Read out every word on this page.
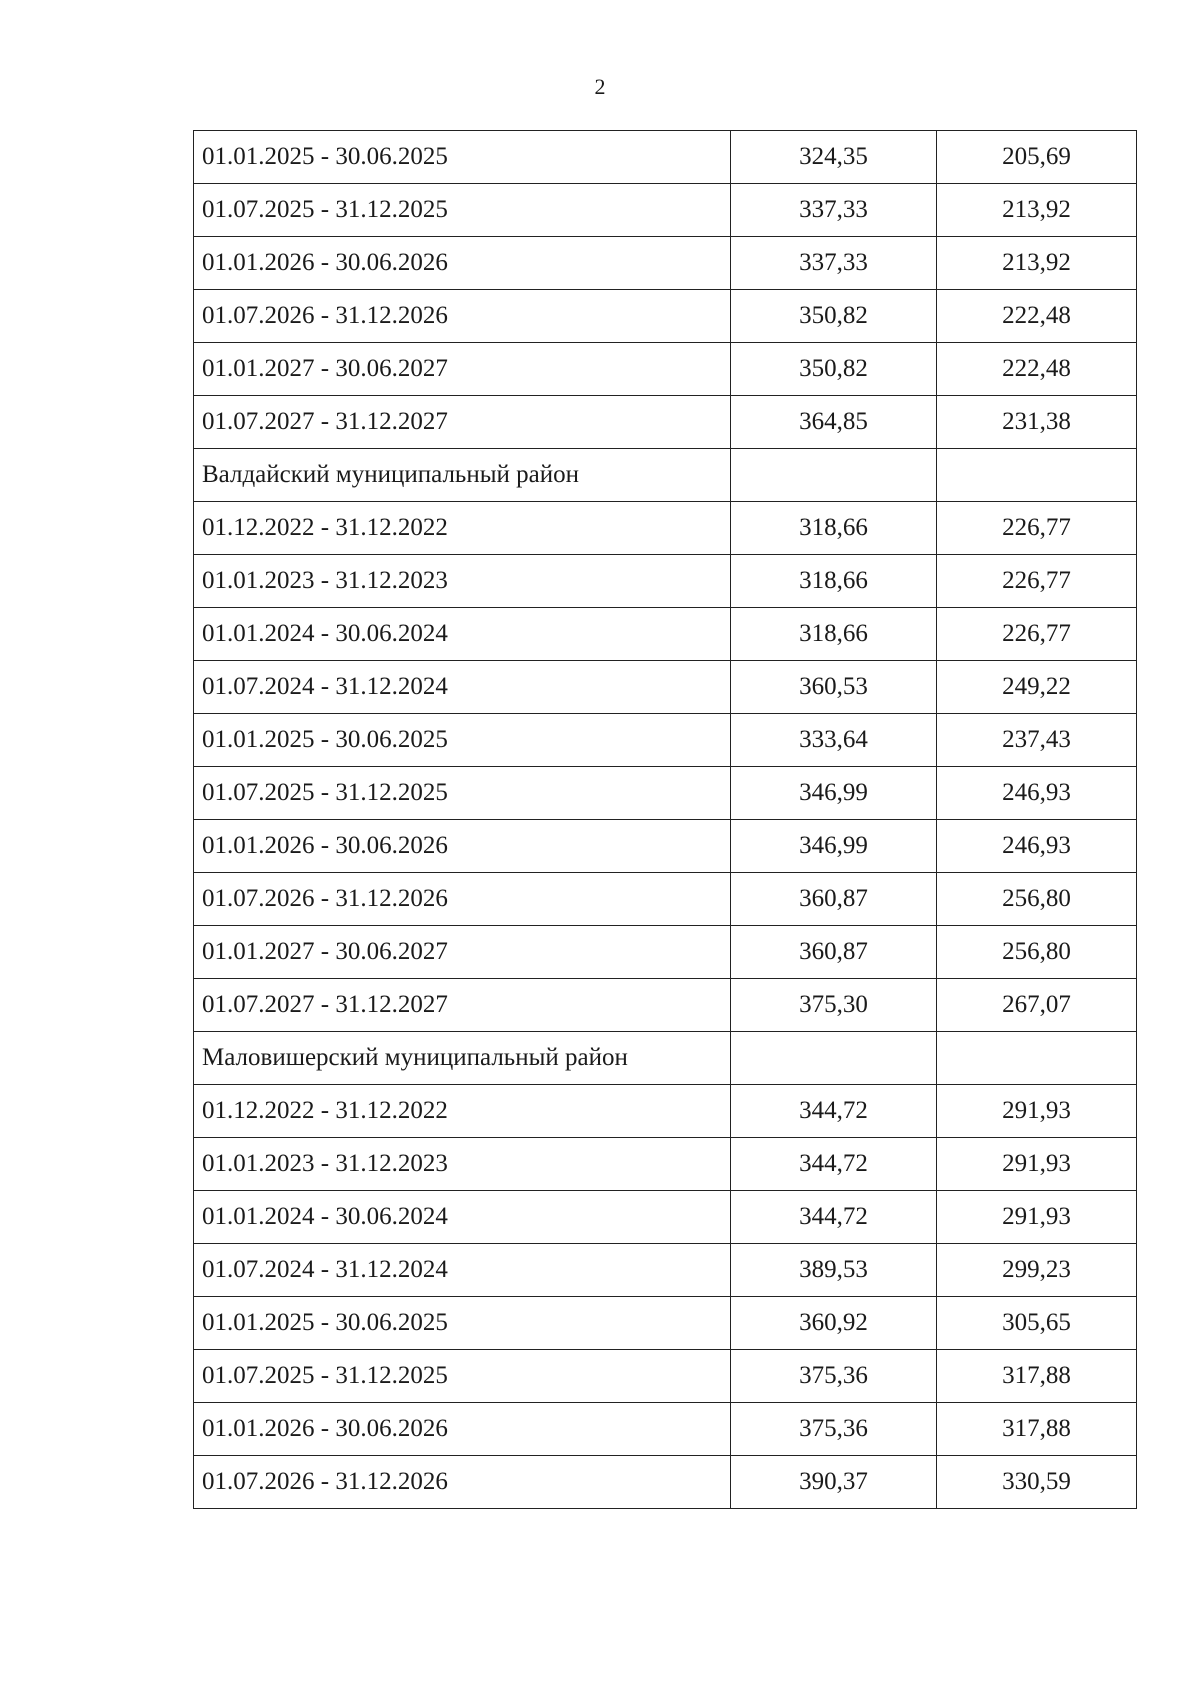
2
01.01.2025 - 30.06.2025	324,35	205,69
01.07.2025 - 31.12.2025	337,33	213,92
01.01.2026 - 30.06.2026	337,33	213,92
01.07.2026 - 31.12.2026	350,82	222,48
01.01.2027 - 30.06.2027	350,82	222,48
01.07.2027 - 31.12.2027	364,85	231,38
Валдайский муниципальный район		
01.12.2022 - 31.12.2022	318,66	226,77
01.01.2023 - 31.12.2023	318,66	226,77
01.01.2024 - 30.06.2024	318,66	226,77
01.07.2024 - 31.12.2024	360,53	249,22
01.01.2025 - 30.06.2025	333,64	237,43
01.07.2025 - 31.12.2025	346,99	246,93
01.01.2026 - 30.06.2026	346,99	246,93
01.07.2026 - 31.12.2026	360,87	256,80
01.01.2027 - 30.06.2027	360,87	256,80
01.07.2027 - 31.12.2027	375,30	267,07
Маловишерский муниципальный район		
01.12.2022 - 31.12.2022	344,72	291,93
01.01.2023 - 31.12.2023	344,72	291,93
01.01.2024 - 30.06.2024	344,72	291,93
01.07.2024 - 31.12.2024	389,53	299,23
01.01.2025 - 30.06.2025	360,92	305,65
01.07.2025 - 31.12.2025	375,36	317,88
01.01.2026 - 30.06.2026	375,36	317,88
01.07.2026 - 31.12.2026	390,37	330,59
